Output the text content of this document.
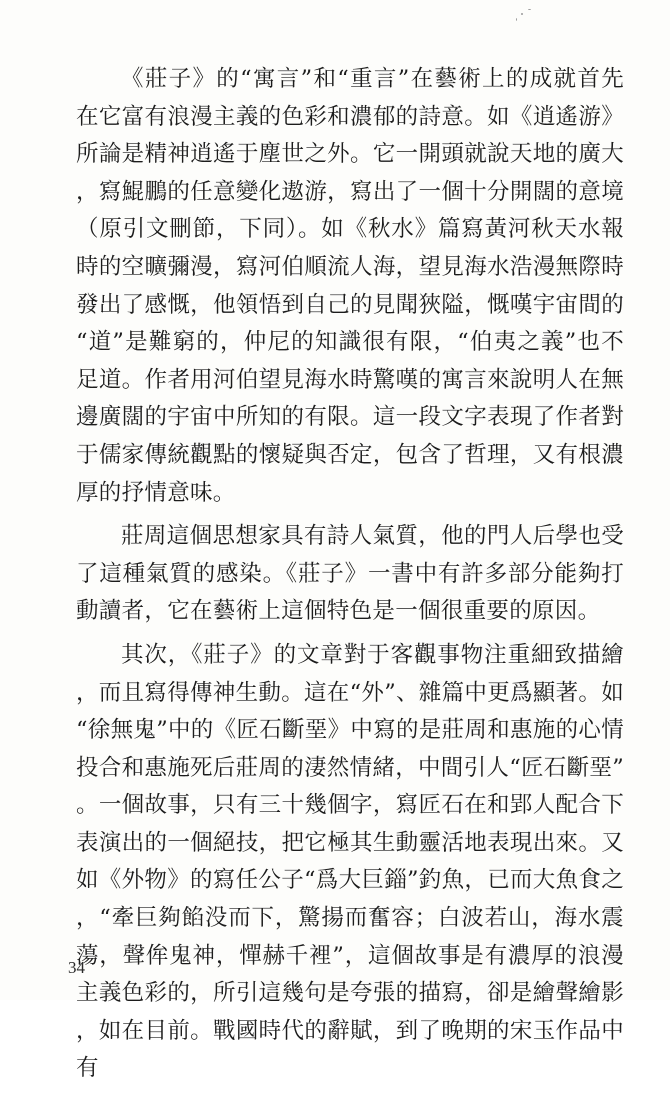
《莊子》的“寓言”和“重言”在藝術上的成就首先在它富有浪漫主義的色彩和濃郁的詩意。如《逍遙游》所論是精神逍遙于塵世之外。它一開頭就說天地的廣大，寫鯤鵬的任意變化遨游，寫出了一個十分開闊的意境（原引文刪節，下同）。如《秋水》篇寫黃河秋天水報時的空曠彌漫，寫河伯順流人海，望見海水浩漫無際時發出了感慨，他領悟到自己的見聞狹隘，慨嘆宇宙間的“道”是難窮的，仲尼的知識很有限，“伯夷之義”也不足道。作者用河伯望見海水時驚嘆的寓言來說明人在無邊廣闊的宇宙中所知的有限。這一段文字表現了作者對于儒家傳統觀點的懷疑與否定，包含了哲理，又有根濃厚的抒情意味。

莊周這個思想家具有詩人氣質，他的門人后學也受了這種氣質的感染。《莊子》一書中有許多部分能夠打動讀者，它在藝術上這個特色是一個很重要的原因。

其次，《莊子》的文章對于客觀事物注重細致描繪，而且寫得傳神生動。這在“外”、雜篇中更爲顯著。如“徐無鬼”中的《匠石斷堊》中寫的是莊周和惠施的心情投合和惠施死后莊周的淒然情緒，中間引人“匠石斷堊”。一個故事，只有三十幾個字，寫匠石在和郢人配合下表演出的一個絕技，把它極其生動靈活地表現出來。又如《外物》的寫任公子“爲大巨錙”釣魚，已而大魚食之，“牽巨夠餡没而下，驚揚而奮容；白波若山，海水震蕩，聲侔鬼神，憚赫千裡”，這個故事是有濃厚的浪漫主義色彩的，所引這幾句是夸張的描寫，卻是繪聲繪影，如在目前。戰國時代的辭賦，到了晚期的宋玉作品中有

34
